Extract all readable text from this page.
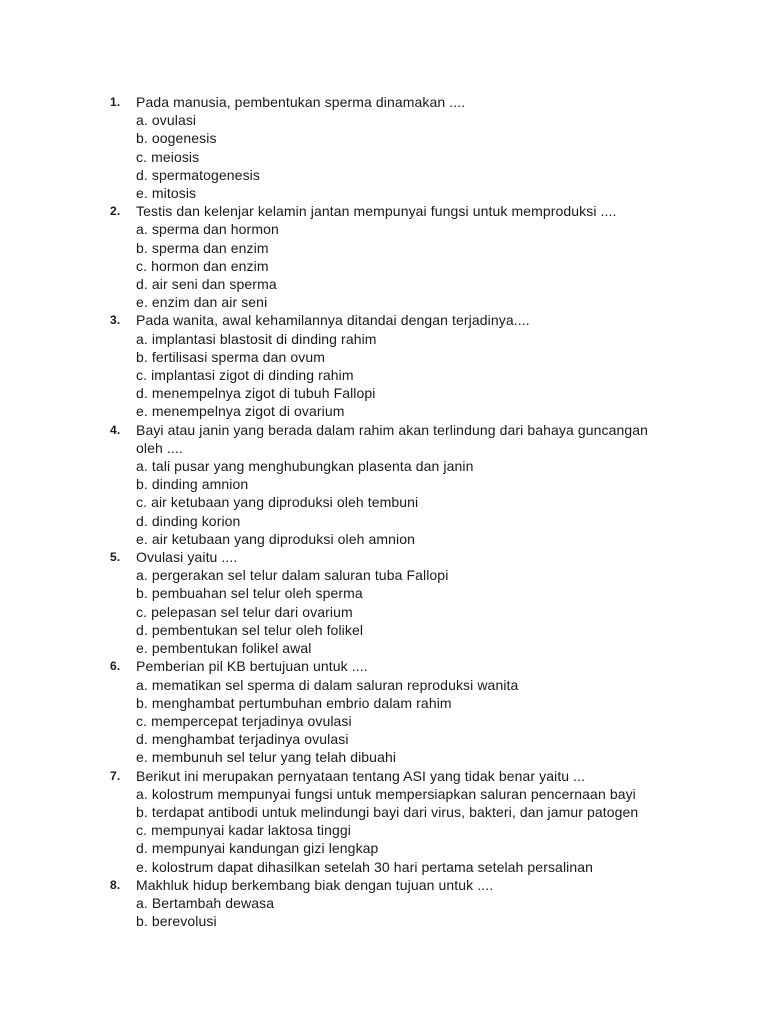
1.	Pada manusia, pembentukan sperma dinamakan ....
a. ovulasi
b. oogenesis
c. meiosis
d. spermatogenesis
e. mitosis
2.	Testis dan kelenjar kelamin jantan mempunyai fungsi untuk memproduksi ....
a. sperma dan hormon
b. sperma dan enzim
c. hormon dan enzim
d. air seni dan sperma
e. enzim dan air seni
3.	Pada wanita, awal kehamilannya ditandai dengan terjadinya....
a. implantasi blastosit di dinding rahim
b. fertilisasi sperma dan ovum
c. implantasi zigot di dinding rahim
d. menempelnya zigot di tubuh Fallopi
e. menempelnya zigot di ovarium
4.	Bayi atau janin yang berada dalam rahim akan terlindung dari bahaya guncangan oleh ....
a. tali pusar yang menghubungkan plasenta dan janin
b. dinding amnion
c. air ketubaan yang diproduksi oleh tembuni
d. dinding korion
e. air ketubaan yang diproduksi oleh amnion
5.	Ovulasi yaitu ....
a. pergerakan sel telur dalam saluran tuba Fallopi
b. pembuahan sel telur oleh sperma
c. pelepasan sel telur dari ovarium
d. pembentukan sel telur oleh folikel
e. pembentukan folikel awal
6.	Pemberian pil KB bertujuan untuk ....
a. mematikan sel sperma di dalam saluran reproduksi wanita
b. menghambat pertumbuhan embrio dalam rahim
c. mempercepat terjadinya ovulasi
d. menghambat terjadinya ovulasi
e. membunuh sel telur yang telah dibuahi
7.	Berikut ini merupakan pernyataan tentang ASI yang tidak benar yaitu ...
a. kolostrum mempunyai fungsi untuk mempersiapkan saluran pencernaan bayi
b. terdapat antibodi untuk melindungi bayi dari virus, bakteri, dan jamur patogen
c. mempunyai kadar laktosa tinggi
d. mempunyai kandungan gizi lengkap
e. kolostrum dapat dihasilkan setelah 30 hari pertama setelah persalinan
8.	Makhluk hidup berkembang biak dengan tujuan untuk ....
a. Bertambah dewasa
b. berevolusi
